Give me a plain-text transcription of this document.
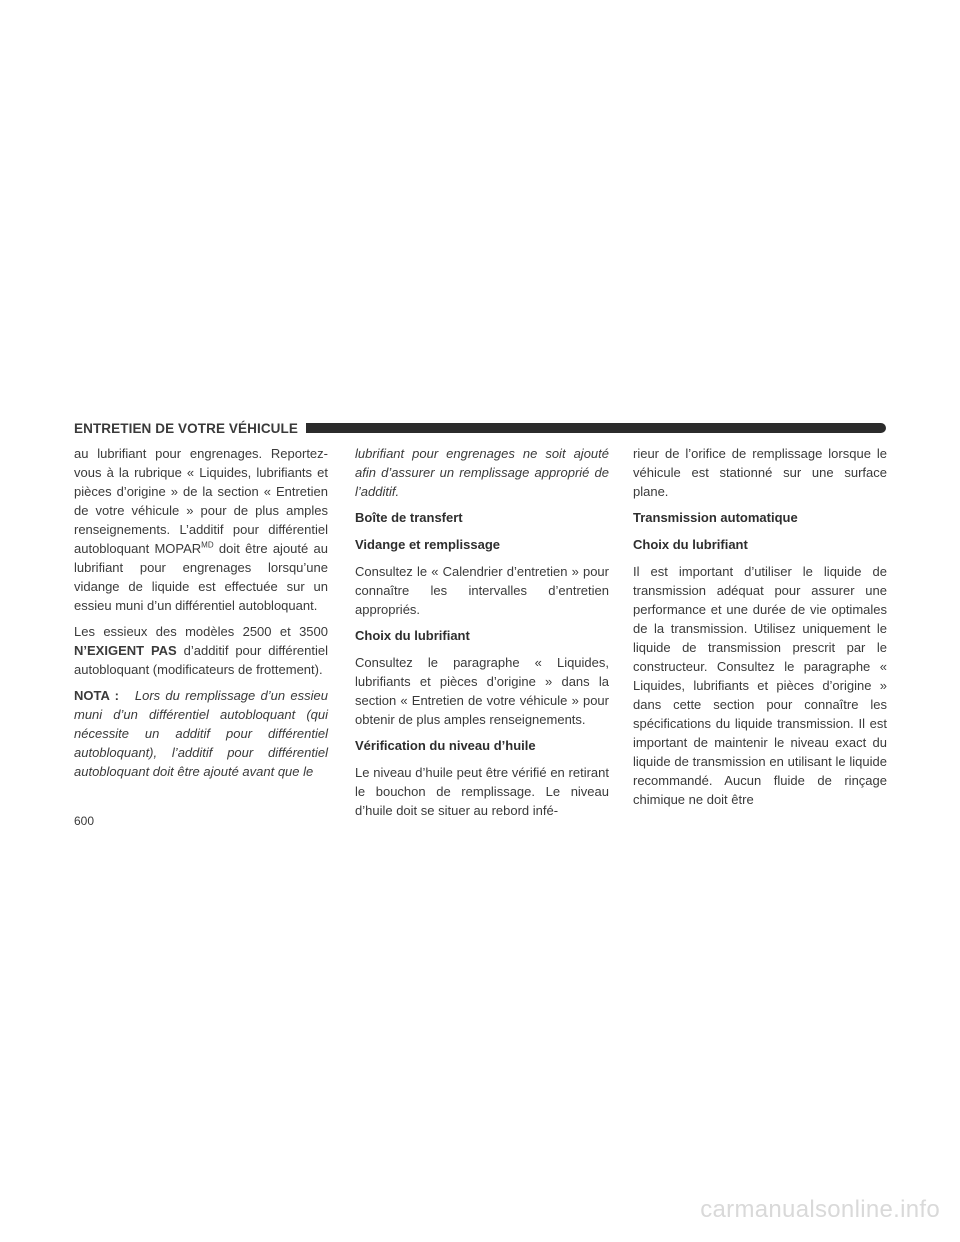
ENTRETIEN DE VOTRE VÉHICULE

au lubrifiant pour engrenages. Reportez-vous à la rubrique « Liquides, lubrifiants et pièces d’origine » de la section « Entretien de votre véhicule » pour de plus amples renseignements. L’additif pour différentiel autobloquant $MOPAR^{MD}$ doit être ajouté au lubrifiant pour engrenages lorsqu’une vidange de liquide est effectuée sur un essieu muni d’un différentiel autobloquant.

Les essieux des modèles 2500 et 3500 N’EXIGENT PAS d’additif pour différentiel autobloquant (modificateurs de frottement).

NOTA : Lors du remplissage d’un essieu muni d’un différentiel autobloquant (qui nécessite un additif pour différentiel autobloquant), l’additif pour différentiel autobloquant doit être ajouté avant que le

lubrifiant pour engrenages ne soit ajouté afin d’assurer un remplissage approprié de l’additif.

Boîte de transfert

Vidange et remplissage

Consultez le « Calendrier d’entretien » pour connaître les intervalles d’entretien appropriés.

Choix du lubrifiant

Consultez le paragraphe « Liquides, lubrifiants et pièces d’origine » dans la section « Entretien de votre véhicule » pour obtenir de plus amples renseignements.

Vérification du niveau d’huile

Le niveau d’huile peut être vérifié en retirant le bouchon de remplissage. Le niveau d’huile doit se situer au rebord infé-

rieur de l’orifice de remplissage lorsque le véhicule est stationné sur une surface plane.

Transmission automatique

Choix du lubrifiant

Il est important d’utiliser le liquide de transmission adéquat pour assurer une performance et une durée de vie optimales de la transmission. Utilisez uniquement le liquide de transmission prescrit par le constructeur. Consultez le paragraphe « Liquides, lubrifiants et pièces d’origine » dans cette section pour connaître les spécifications du liquide transmission. Il est important de maintenir le niveau exact du liquide de transmission en utilisant le liquide recommandé. Aucun fluide de rinçage chimique ne doit être

600
carmanualsonline.info
